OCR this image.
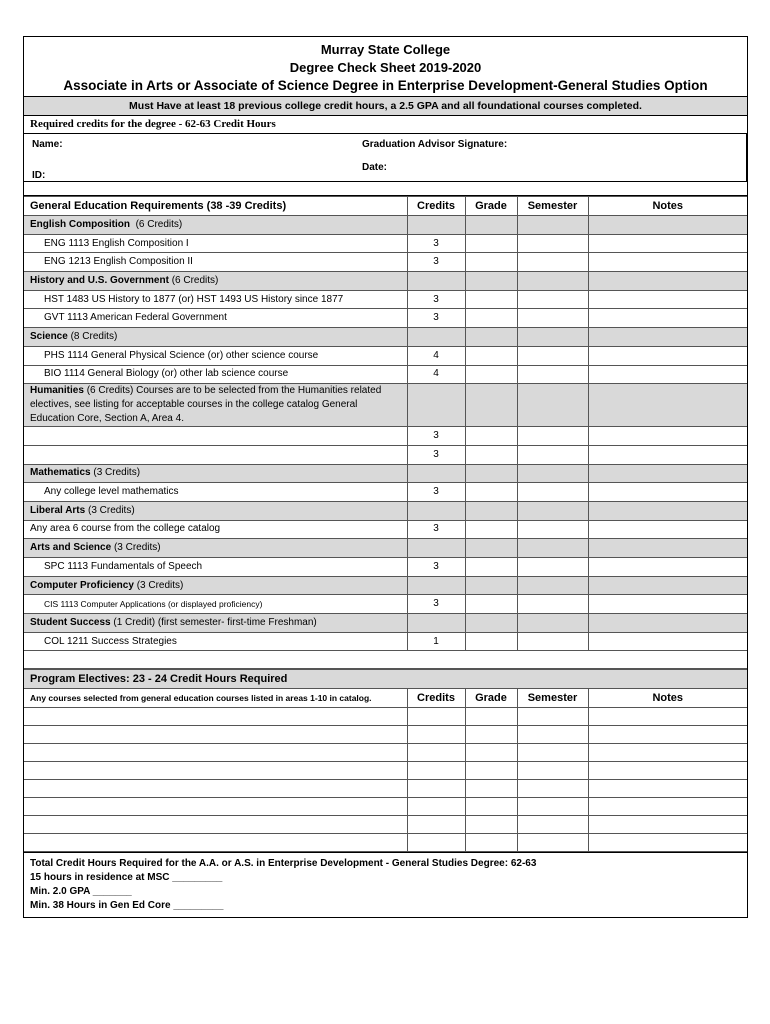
Murray State College
Degree Check Sheet 2019-2020
Associate in Arts or Associate of Science Degree in Enterprise Development-General Studies Option
Must Have at least 18 previous college credit hours, a 2.5 GPA and all foundational courses completed.
Required credits for the degree - 62-63 Credit Hours
Name:
ID:
Graduation Advisor Signature:
Date:
General Education Requirements (38 -39 Credits)	Credits	Grade	Semester	Notes
English Composition (6 Credits)				
ENG 1113 English Composition I	3			
ENG 1213 English Composition II	3			
History and U.S. Government (6 Credits)				
HST 1483 US History to 1877 (or) HST 1493 US History since 1877	3			
GVT 1113 American Federal Government	3			
Science (8 Credits)				
PHS 1114 General Physical Science (or) other science course	4			
BIO 1114 General Biology (or) other lab science course	4			
Humanities (6 Credits) Courses are to be selected from the Humanities related electives, see listing for acceptable courses in the college catalog General Education Core, Section A, Area 4.				
	3			
	3			
Mathematics (3 Credits)				
Any college level mathematics	3			
Liberal Arts (3 Credits)				
Any area 6 course from the college catalog	3			
Arts and Science (3 Credits)				
SPC 1113 Fundamentals of Speech	3			
Computer Proficiency (3 Credits)				
CIS 1113 Computer Applications (or displayed proficiency)	3			
Student Success (1 Credit) (first semester- first-time Freshman)				
COL 1211 Success Strategies	1			

Program Electives: 23 - 24 Credit Hours Required				
Any courses selected from general education courses listed in areas 1-10 in catalog.	Credits	Grade	Semester	Notes

Total Credit Hours Required for the A.A. or A.S. in Enterprise Development - General Studies Degree: 62-63
15 hours in residence at MSC _________
Min. 2.0 GPA _______
Min. 38 Hours in Gen Ed Core _________
